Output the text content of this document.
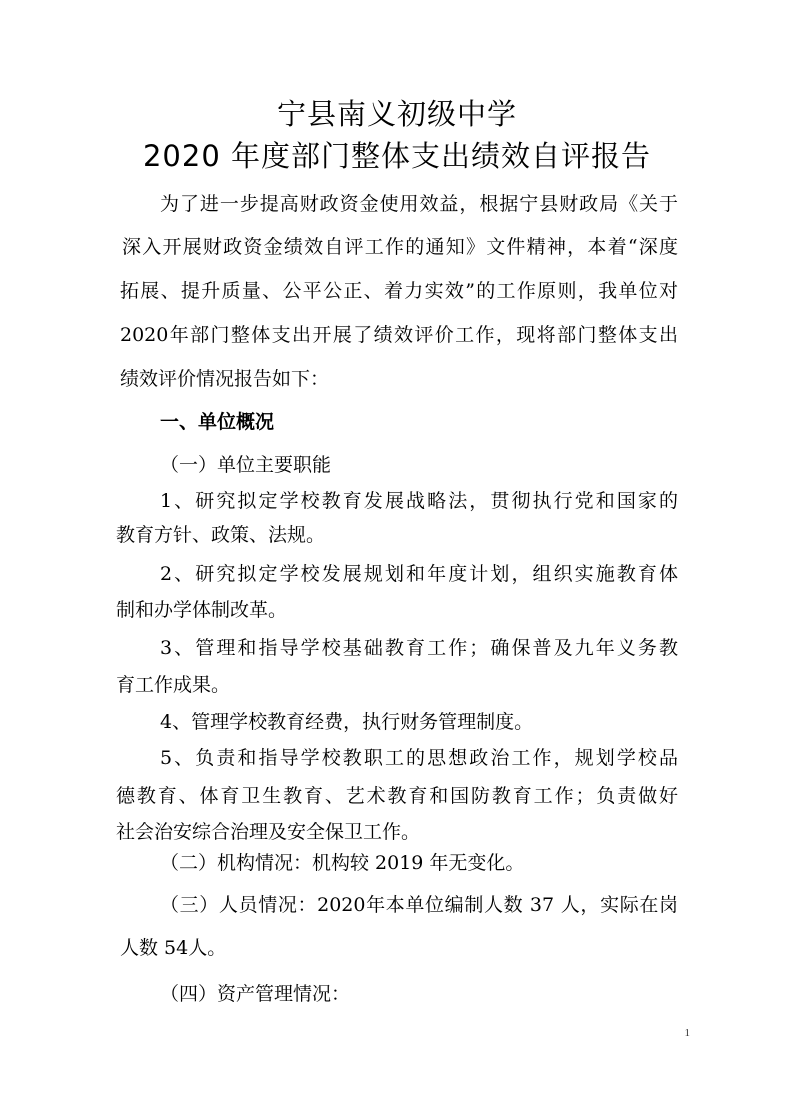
宁县南义初级中学
2020 年度部门整体支出绩效自评报告
为了进一步提高财政资金使用效益，根据宁县财政局《关于
深入开展财政资金绩效自评工作的通知》文件精神，本着“深度
拓展、提升质量、公平公正、着力实效”的工作原则，我单位对
2020年部门整体支出开展了绩效评价工作，现将部门整体支出
绩效评价情况报告如下：
一、单位概况
（一）单位主要职能
1、研究拟定学校教育发展战略法，贯彻执行党和国家的
教育方针、政策、法规。
2、研究拟定学校发展规划和年度计划，组织实施教育体
制和办学体制改革。
3、管理和指导学校基础教育工作；确保普及九年义务教
育工作成果。
4、管理学校教育经费，执行财务管理制度。
5、负责和指导学校教职工的思想政治工作，规划学校品
德教育、体育卫生教育、艺术教育和国防教育工作；负责做好
社会治安综合治理及安全保卫工作。
（二）机构情况：机构较 2019 年无变化。
（三）人员情况：2020年本单位编制人数 37 人，实际在岗
人数 54人。
（四）资产管理情况：
1
